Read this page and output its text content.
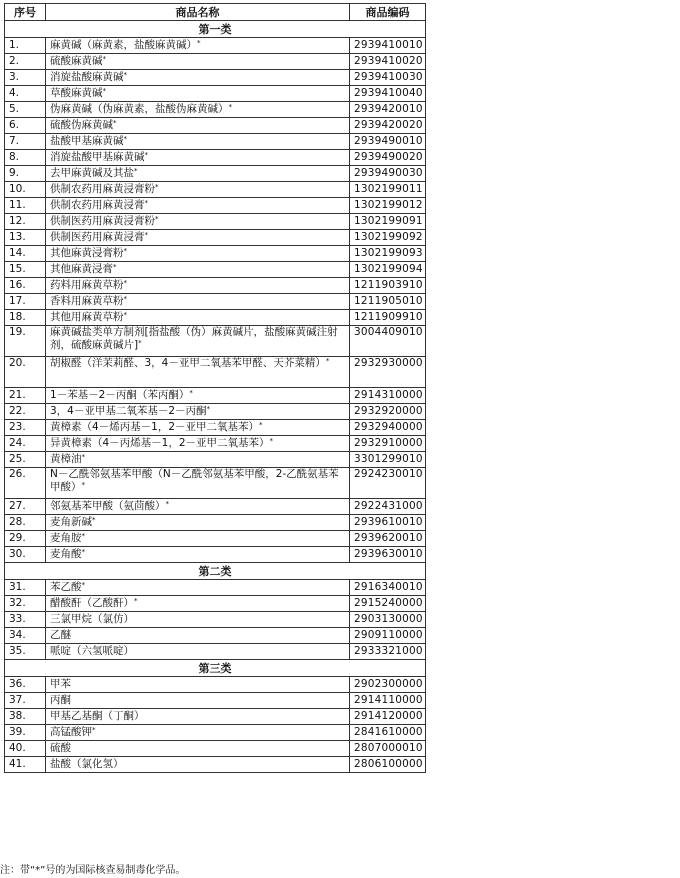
序号	商品名称	商品编码
第一类		
1.	麻黄碱（麻黄素，盐酸麻黄碱）*	2939410010
2.	硫酸麻黄碱*	2939410020
3.	消旋盐酸麻黄碱*	2939410030
4.	草酸麻黄碱*	2939410040
5.	伪麻黄碱（伪麻黄素，盐酸伪麻黄碱）*	2939420010
6.	硫酸伪麻黄碱*	2939420020
7.	盐酸甲基麻黄碱*	2939490010
8.	消旋盐酸甲基麻黄碱*	2939490020
9.	去甲麻黄碱及其盐*	2939490030
10.	供制农药用麻黄浸膏粉*	1302199011
11.	供制农药用麻黄浸膏*	1302199012
12.	供制医药用麻黄浸膏粉*	1302199091
13.	供制医药用麻黄浸膏*	1302199092
14.	其他麻黄浸膏粉*	1302199093
15.	其他麻黄浸膏*	1302199094
16.	药料用麻黄草粉*	1211903910
17.	香料用麻黄草粉*	1211905010
18.	其他用麻黄草粉*	1211909910
19.	麻黄碱盐类单方制剂[指盐酸（伪）麻黄碱片，盐酸麻黄碱注射剂，硫酸麻黄碱片]*	3004409010
20.	胡椒醛（洋茉莉醛、3，4－亚甲二氧基苯甲醛、天芥菜精）*	2932930000
21.	1－苯基－2－丙酮（苯丙酮）*	2914310000
22.	3，4－亚甲基二氧苯基－2－丙酮*	2932920000
23.	黄樟素（4－烯丙基－1，2－亚甲二氧基苯）*	2932940000
24.	异黄樟素（4－丙烯基－1，2－亚甲二氧基苯）*	2932910000
25.	黄樟油*	3301299010
26.	N－乙酰邻氨基苯甲酸（N－乙酰邻氨基苯甲酸，2-乙酰氨基苯甲酸）*	2924230010
27.	邻氨基苯甲酸（氨茴酸）*	2922431000
28.	麦角新碱*	2939610010
29.	麦角胺*	2939620010
30.	麦角酸*	2939630010
第二类		
31.	苯乙酸*	2916340010
32.	醋酸酐（乙酸酐）*	2915240000
33.	三氯甲烷（氯仿）	2903130000
34.	乙醚	2909110000
35.	哌啶（六氢哌啶）	2933321000
第三类		
36.	甲苯	2902300000
37.	丙酮	2914110000
38.	甲基乙基酮（丁酮）	2914120000
39.	高锰酸钾*	2841610000
40.	硫酸	2807000010
41.	盐酸（氯化氢）	2806100000
注：带“*”号的为国际核查易制毒化学品。
